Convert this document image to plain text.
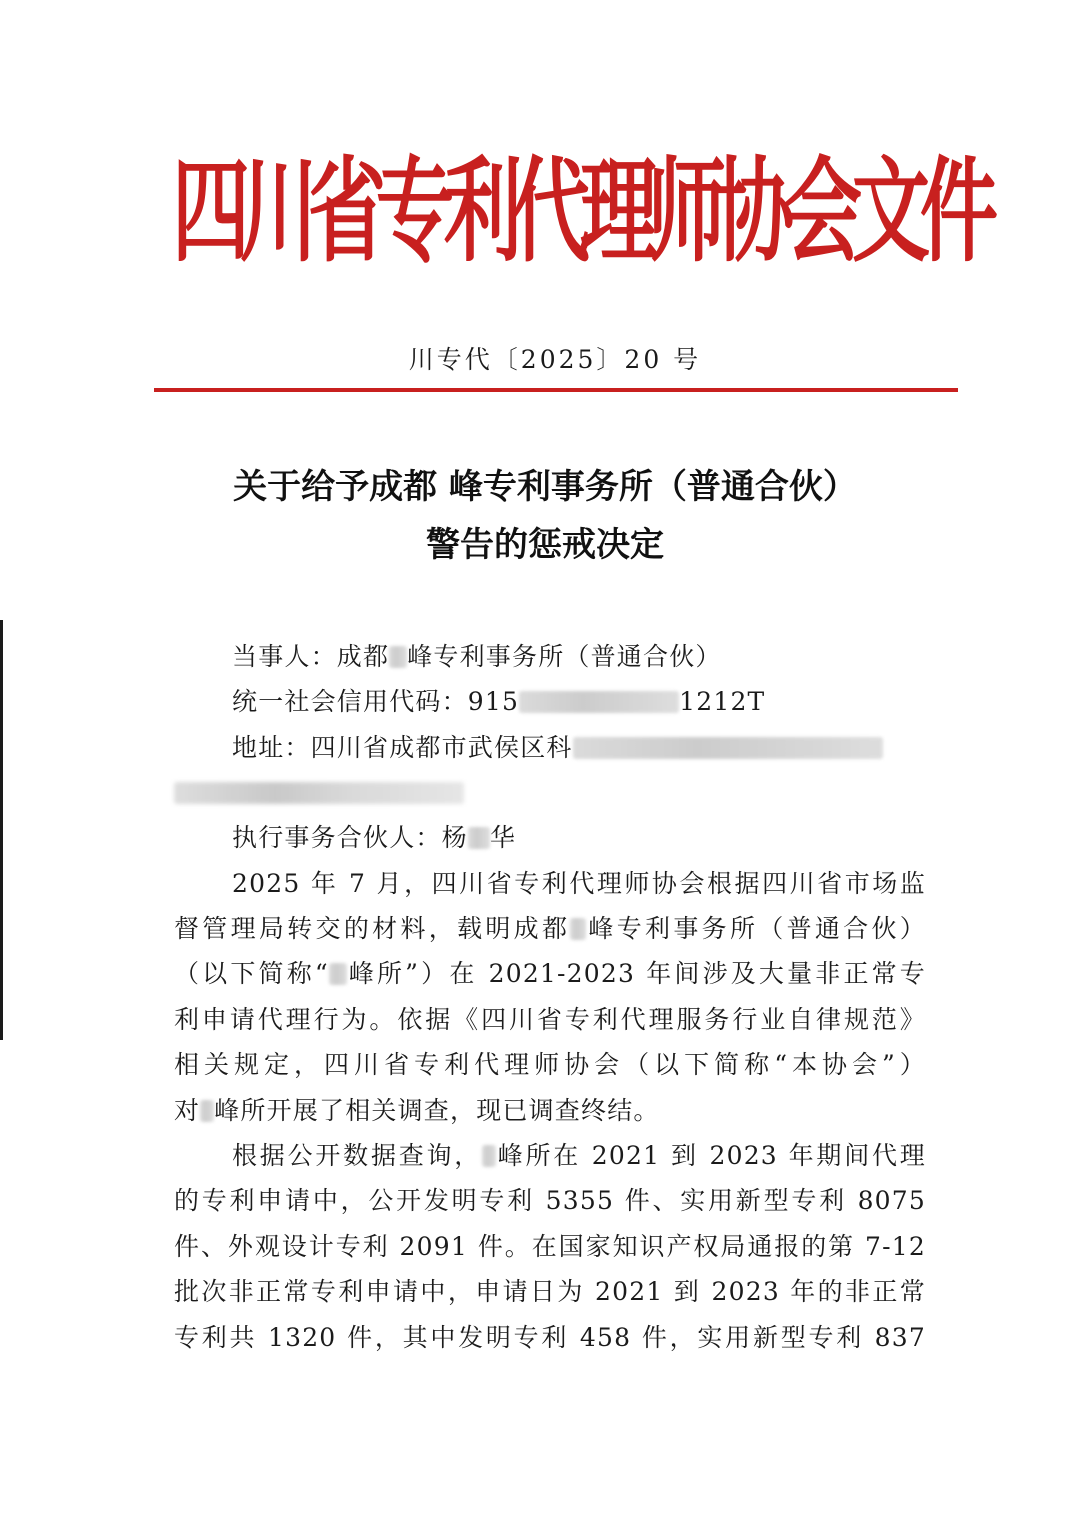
四
川
省
专
利
代
理
师
协
会
文
件
川专代〔2025〕20 号
关于给予成都 峰专利事务所（普通合伙）
警告的惩戒决定

当事人：成都 峰专利事务所（普通合伙）

统一社会信用代码：915	1212T

地址：四川省成都市武侯区科

执行事务合伙人：杨 华

2025 年 7 月，四川省专利代理师协会根据四川省市场监

督管理局转交的材料，载明成都 峰专利事务所（普通合伙）

（以下简称“ 峰所”）在 2021-2023 年间涉及大量非正常专

利申请代理行为。依据《四川省专利代理服务行业自律规范》

相关规定，四川省专利代理师协会（以下简称“本协会”）

对 峰所开展了相关调查，现已调查终结。

根据公开数据查询， 峰所在 2021 到 2023 年期间代理

的专利申请中，公开发明专利 5355 件、实用新型专利 8075

件、外观设计专利 2091 件。在国家知识产权局通报的第 7-12

批次非正常专利申请中，申请日为 2021 到 2023 年的非正常

专利共 1320 件，其中发明专利 458 件，实用新型专利 837
